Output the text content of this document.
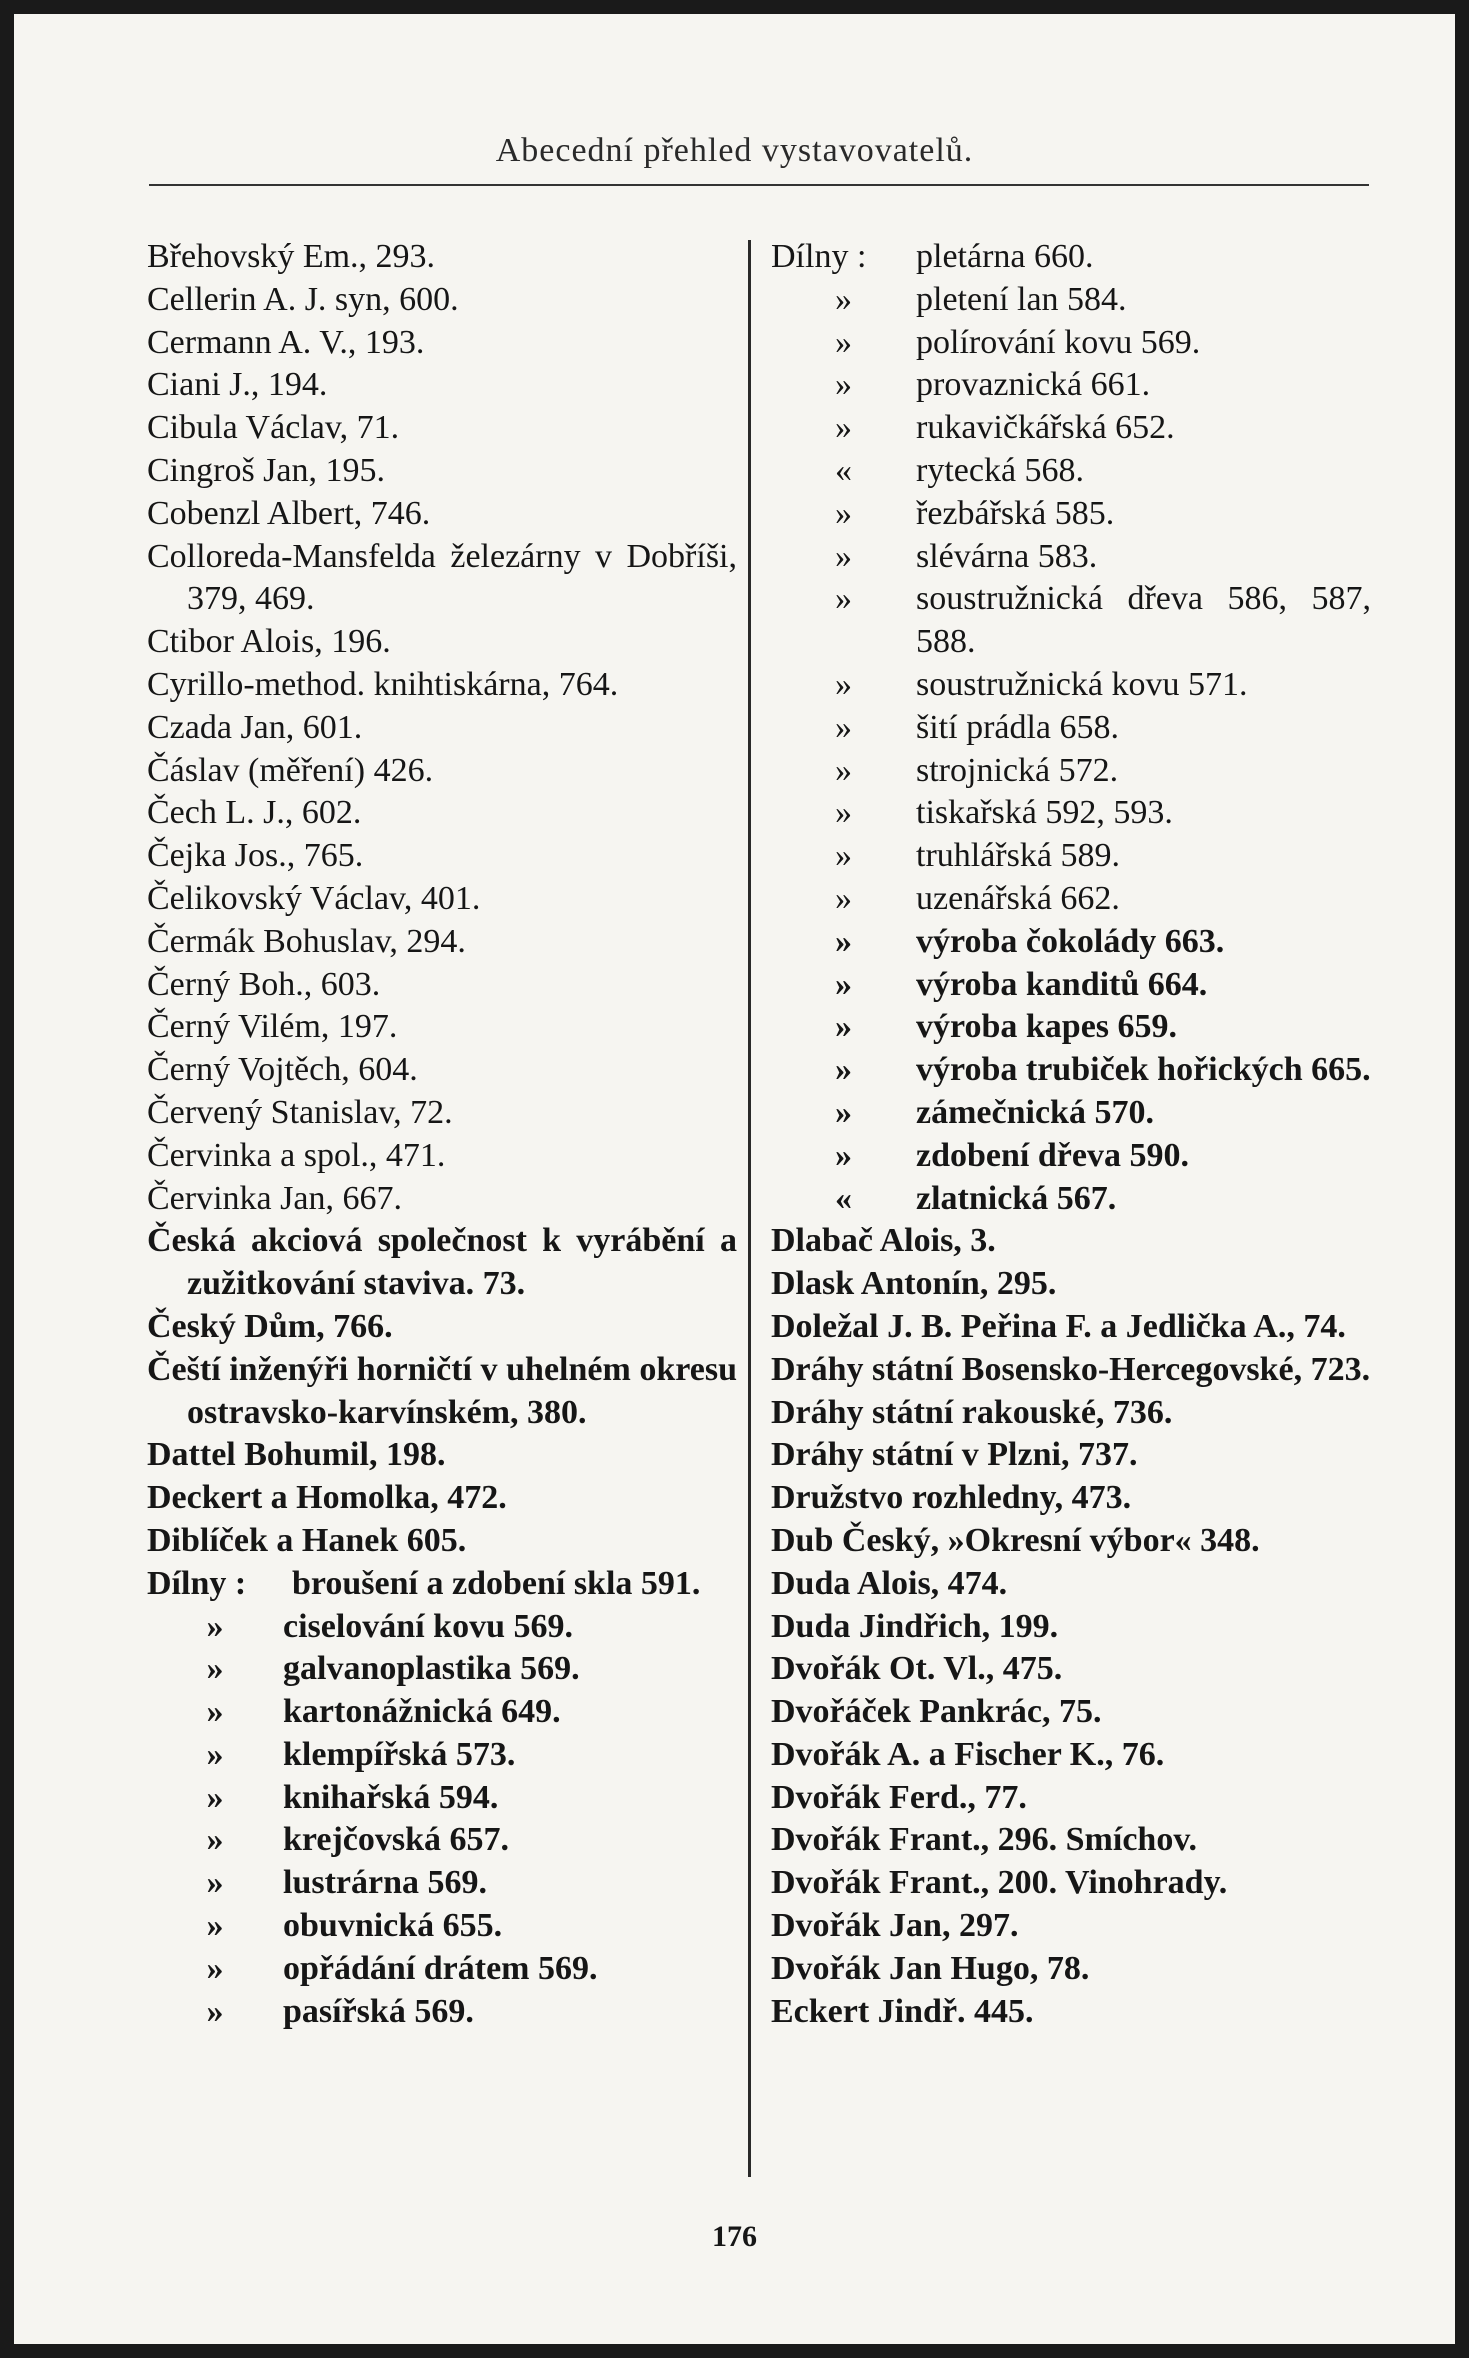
Abecední přehled vystavovatelů.
Břehovský Em., 293.
Cellerin A. J. syn, 600.
Cermann A. V., 193.
Ciani J., 194.
Cibula Václav, 71.
Cingroš Jan, 195.
Cobenzl Albert, 746.
Colloreda-Mansfelda železárny v Dobříši, 379, 469.
Ctibor Alois, 196.
Cyrillo-method. knihtiskárna, 764.
Czada Jan, 601.
Čáslav (měření) 426.
Čech L. J., 602.
Čejka Jos., 765.
Čelikovský Václav, 401.
Čermák Bohuslav, 294.
Černý Boh., 603.
Černý Vilém, 197.
Černý Vojtěch, 604.
Červený Stanislav, 72.
Červinka a spol., 471.
Červinka Jan, 667.
Česká akciová společnost k vyrábění a zužitkování staviva. 73.
Český Dům, 766.
Čeští inženýři horničtí v uhelném okresu ostravsko-karvínském, 380.
Dattel Bohumil, 198.
Deckert a Homolka, 472.
Diblíček a Hanek 605.
Dílny :	broušení a zdobení skla 591.
»	ciselování kovu 569.
»	galvanoplastika 569.
»	kartonážnická 649.
»	klempířská 573.
»	knihařská 594.
»	krejčovská 657.
»	lustrárna 569.
»	obuvnická 655.
»	opřádání drátem 569.
»	pasířská 569.
Dílny :	pletárna 660.
»	pletení lan 584.
»	polírování kovu 569.
»	provaznická 661.
»	rukavičkářská 652.
«	rytecká 568.
»	řezbářská 585.
»	slévárna 583.
»	soustružnická dřeva 586, 587, 588.
»	soustružnická kovu 571.
»	šití prádla 658.
»	strojnická 572.
»	tiskařská 592, 593.
»	truhlářská 589.
»	uzenářská 662.
»	výroba čokolády 663.
»	výroba kanditů 664.
»	výroba kapes 659.
»	výroba trubiček hořických 665.
»	zámečnická 570.
»	zdobení dřeva 590.
«	zlatnická 567.
Dlabač Alois, 3.
Dlask Antonín, 295.
Doležal J. B. Peřina F. a Jedlička A., 74.
Dráhy státní Bosensko-Hercegovské, 723.
Dráhy státní rakouské, 736.
Dráhy státní v Plzni, 737.
Družstvo rozhledny, 473.
Dub Český, »Okresní výbor« 348.
Duda Alois, 474.
Duda Jindřich, 199.
Dvořák Ot. Vl., 475.
Dvořáček Pankrác, 75.
Dvořák A. a Fischer K., 76.
Dvořák Ferd., 77.
Dvořák Frant., 296. Smíchov.
Dvořák Frant., 200. Vinohrady.
Dvořák Jan, 297.
Dvořák Jan Hugo, 78.
Eckert Jindř. 445.
176
